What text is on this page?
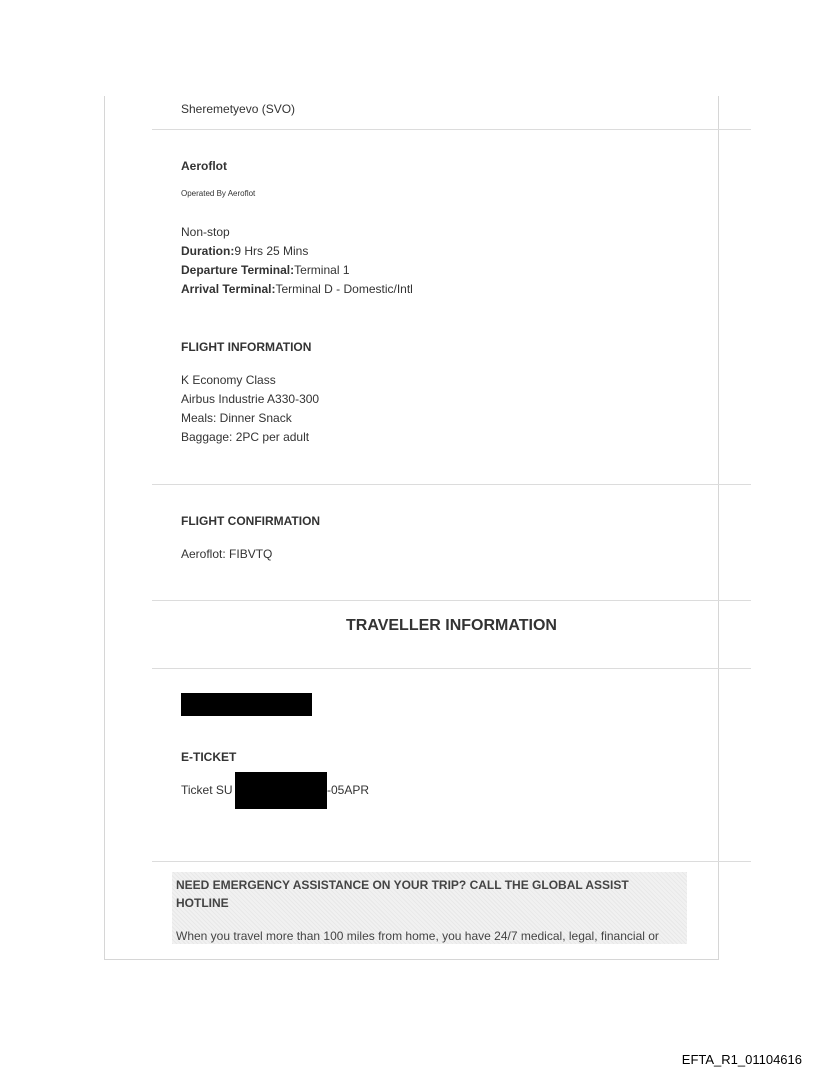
Sheremetyevo (SVO)
Aeroflot
Operated By Aeroflot
Non-stop
Duration:9 Hrs 25 Mins
Departure Terminal:Terminal 1
Arrival Terminal:Terminal D - Domestic/Intl
FLIGHT INFORMATION
K Economy Class
Airbus Industrie A330-300
Meals: Dinner Snack
Baggage: 2PC per adult
FLIGHT CONFIRMATION
Aeroflot: FIBVTQ
TRAVELLER INFORMATION
E-TICKET
Ticket SU	-05APR
NEED EMERGENCY ASSISTANCE ON YOUR TRIP? CALL THE GLOBAL ASSIST HOTLINE
When you travel more than 100 miles from home, you have 24/7 medical, legal, financial or
EFTA_R1_01104616
